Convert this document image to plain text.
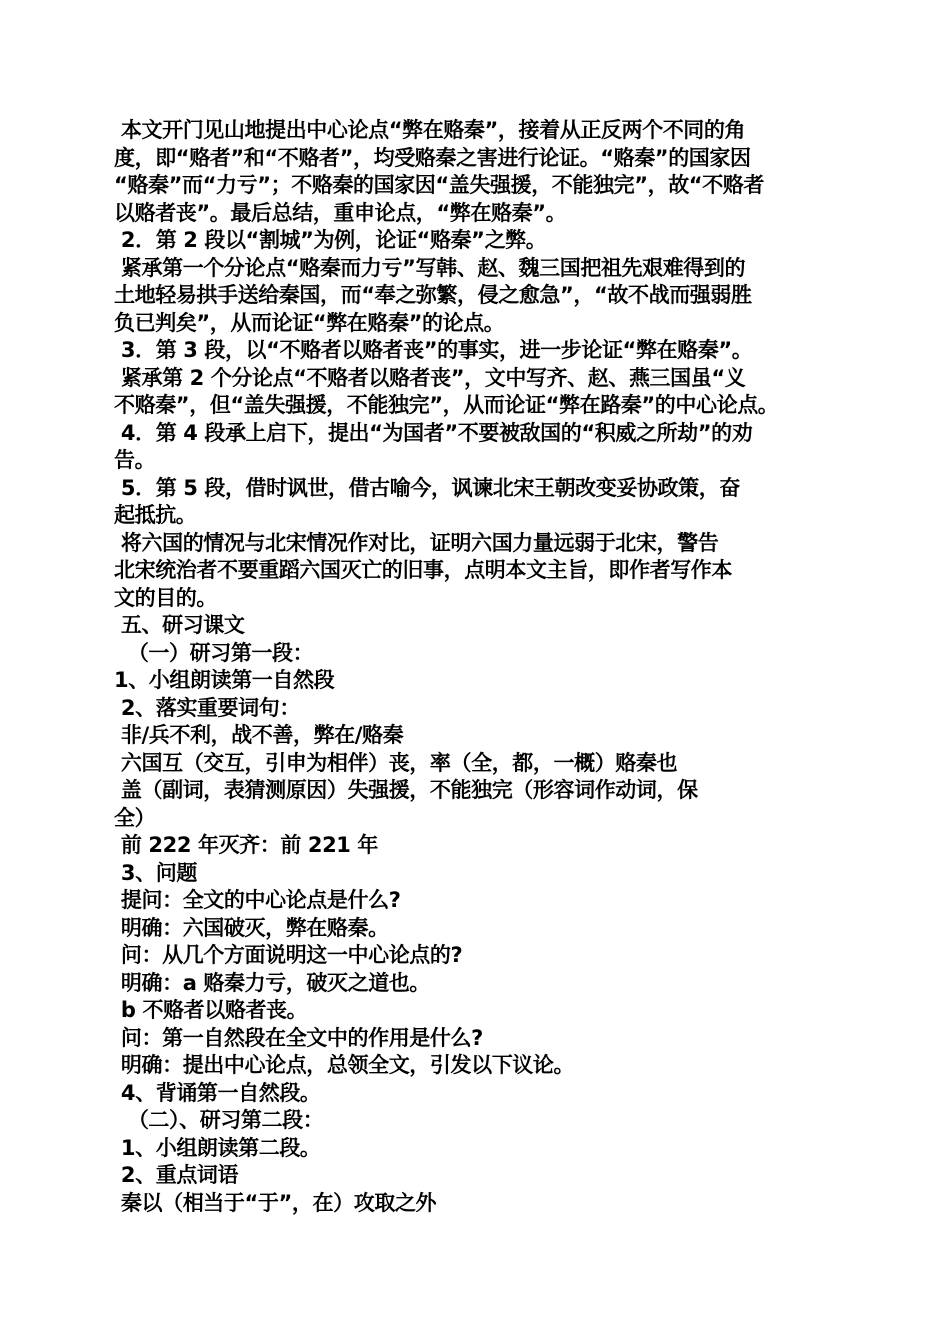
本文开门见山地提出中心论点“弊在赂秦”，接着从正反两个不同的角
度，即“赂者”和“不赂者”，均受赂秦之害进行论证。“赂秦”的国家因
“赂秦”而“力亏”；不赂秦的国家因“盖失强援，不能独完”，故“不赂者
以赂者丧”。最后总结，重申论点，“弊在赂秦”。
2．第 2 段以“割城”为例，论证“赂秦”之弊。
紧承第一个分论点“赂秦而力亏”写韩、赵、魏三国把祖先艰难得到的
土地轻易拱手送给秦国，而“奉之弥繁，侵之愈急”，“故不战而强弱胜
负已判矣”，从而论证“弊在赂秦”的论点。
3．第 3 段，以“不赂者以赂者丧”的事实，进一步论证“弊在赂秦”。
紧承第 2 个分论点“不赂者以赂者丧”，文中写齐、赵、燕三国虽“义
不赂秦”，但“盖失强援，不能独完”，从而论证“弊在路秦”的中心论点。
4．第 4 段承上启下，提出“为国者”不要被敌国的“积威之所劫”的劝
告。
5．第 5 段，借时讽世，借古喻今，讽谏北宋王朝改变妥协政策，奋
起抵抗。
将六国的情况与北宋情况作对比，证明六国力量远弱于北宋，警告
北宋统治者不要重蹈六国灭亡的旧事，点明本文主旨，即作者写作本
文的目的。
五、研习课文
（一）研习第一段：
1、小组朗读第一自然段
2、落实重要词句：
非/兵不利，战不善，弊在/赂秦
六国互（交互，引申为相伴）丧，率（全，都，一概）赂秦也
盖（副词，表猜测原因）失强援，不能独完（形容词作动词，保
全）
前 222 年灭齐：前 221 年
3、问题
提问：全文的中心论点是什么?
明确：六国破灭，弊在赂秦。
问：从几个方面说明这一中心论点的?
明确：a 赂秦力亏，破灭之道也。
b 不赂者以赂者丧。
问：第一自然段在全文中的作用是什么?
明确：提出中心论点，总领全文，引发以下议论。
4、背诵第一自然段。
（二）、研习第二段：
1、小组朗读第二段。
2、重点词语
秦以（相当于“于”，在）攻取之外
